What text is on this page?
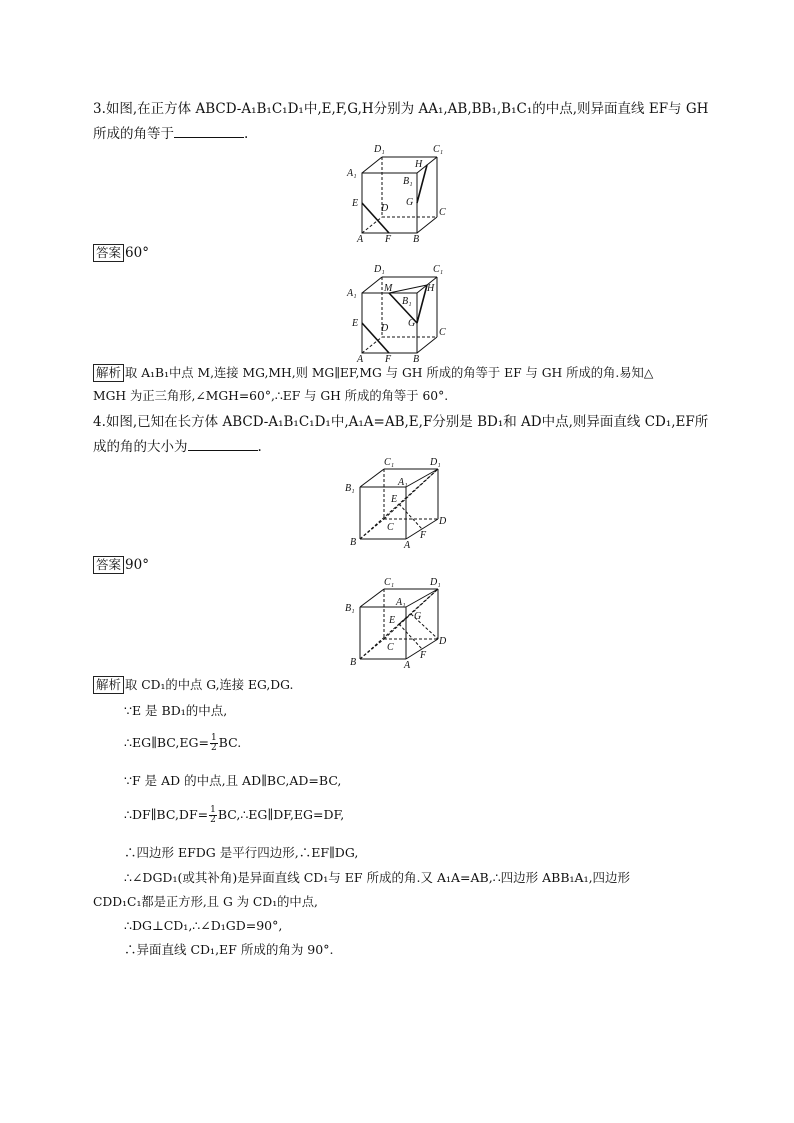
3.如图,在正方体 ABCD-A₁B₁C₁D₁中,E,F,G,H分别为 AA₁,AB,BB₁,B₁C₁的中点,则异面直线 EF与 GH
所成的角等于	.
D₁	C₁
H
A₁
B₁
G
E D	C
A F B
答案 60°
D₁	C₁
A₁	M	H
B₁
G
E D	C
A F B
解析 取 A₁B₁中点 M,连接 MG,MH,则 MG∥EF,MG 与 GH 所成的角等于 EF 与 GH 所成的角.易知△
MGH 为正三角形,∠MGH=60°,∴EF 与 GH 所成的角等于 60°.
4.如图,已知在长方体 ABCD-A₁B₁C₁D₁中,A₁A=AB,E,F分别是 BD₁和 AD中点,则异面直线 CD₁,EF所
成的角的大小为	.
C₁	D₁
B₁
A₁
E
C
D
B	A
F
答案 90°
C₁	D₁
B₁
A₁
E G
C
D
B	A
F
解析 取 CD₁的中点 G,连接 EG,DG.
∵E 是 BD₁的中点,
∴EG∥BC,EG= $\frac{1}{2}$ BC.
∵F 是 AD 的中点,且 AD∥BC,AD=BC,
∴DF∥BC,DF= $\frac{1}{2}$ BC,∴EG∥DF,EG=DF,
∴四边形 EFDG 是平行四边形,∴EF∥DG,
∴∠DGD₁(或其补角)是异面直线 CD₁与 EF 所成的角.又 A₁A=AB,∴四边形 ABB₁A₁,四边形
CDD₁C₁都是正方形,且 G 为 CD₁的中点,
∴DG⊥CD₁,∴∠D₁GD=90°,
∴异面直线 CD₁,EF 所成的角为 90°.
